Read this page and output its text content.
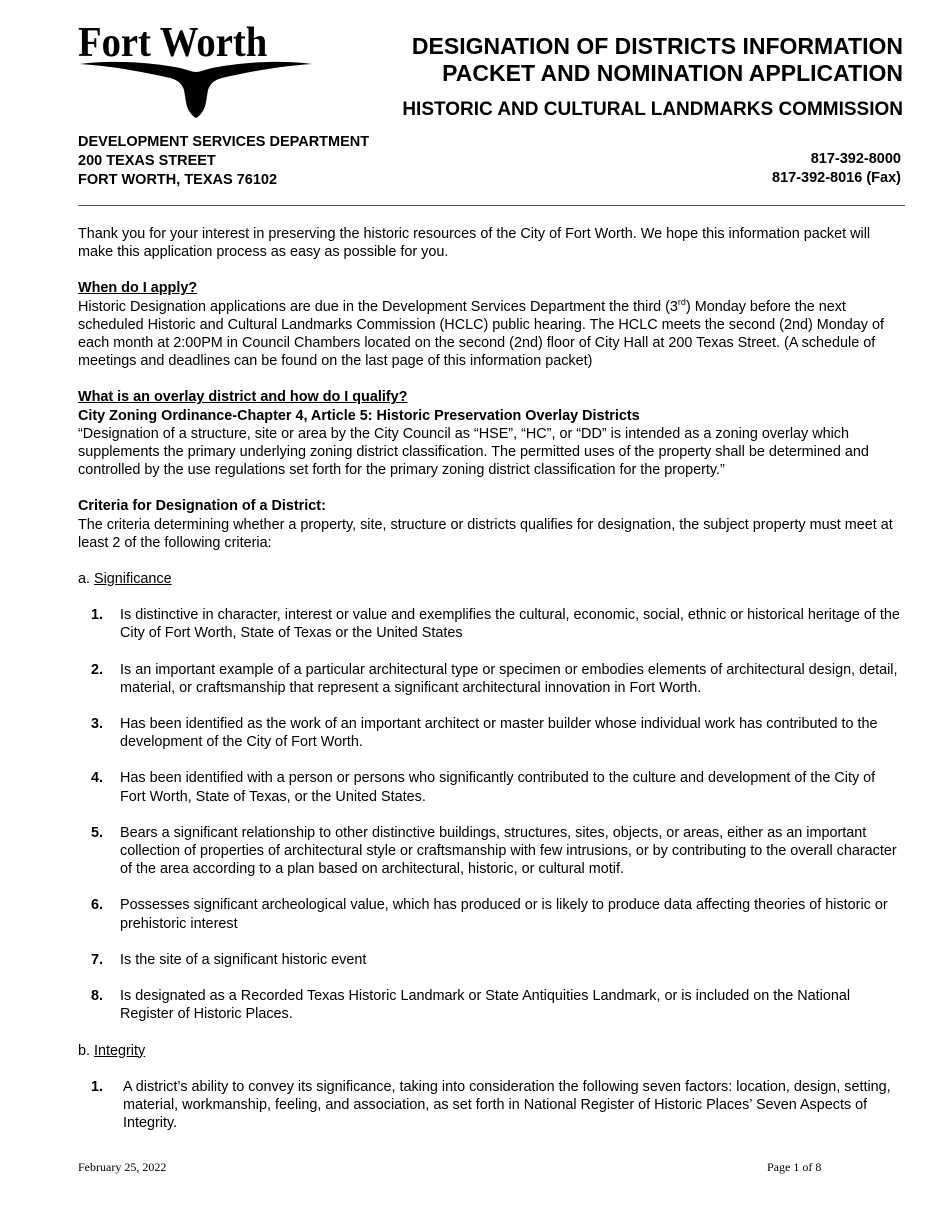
Fort Worth	DESIGNATION OF DISTRICTS INFORMATION
PACKET AND NOMINATION APPLICATION
HISTORIC AND CULTURAL LANDMARKS COMMISSION
DEVELOPMENT SERVICES DEPARTMENT
200 TEXAS STREET
FORT WORTH, TEXAS 76102
817-392-8000
817-392-8016 (Fax)

Thank you for your interest in preserving the historic resources of the City of Fort Worth. We hope this information packet will make this application process as easy as possible for you.

When do I apply?

Historic Designation applications are due in the Development Services Department the third (3rd) Monday before the next scheduled Historic and Cultural Landmarks Commission (HCLC) public hearing. The HCLC meets the second (2nd) Monday of each month at 2:00PM in Council Chambers located on the second (2nd) floor of City Hall at 200 Texas Street. (A schedule of meetings and deadlines can be found on the last page of this information packet)

What is an overlay district and how do I qualify?

City Zoning Ordinance-Chapter 4, Article 5: Historic Preservation Overlay Districts

“Designation of a structure, site or area by the City Council as “HSE”, “HC”, or “DD” is intended as a zoning overlay which supplements the primary underlying zoning district classification. The permitted uses of the property shall be determined and controlled by the use regulations set forth for the primary zoning district classification for the property.”

Criteria for Designation of a District:

The criteria determining whether a property, site, structure or districts qualifies for designation, the subject property must meet at least 2 of the following criteria:

a. Significance

1. Is distinctive in character, interest or value and exemplifies the cultural, economic, social, ethnic or historical heritage of the City of Fort Worth, State of Texas or the United States
2. Is an important example of a particular architectural type or specimen or embodies elements of architectural design, detail, material, or craftsmanship that represent a significant architectural innovation in Fort Worth.
3. Has been identified as the work of an important architect or master builder whose individual work has contributed to the development of the City of Fort Worth.
4. Has been identified with a person or persons who significantly contributed to the culture and development of the City of Fort Worth, State of Texas, or the United States.
5. Bears a significant relationship to other distinctive buildings, structures, sites, objects, or areas, either as an important collection of properties of architectural style or craftsmanship with few intrusions, or by contributing to the overall character of the area according to a plan based on architectural, historic, or cultural motif.
6. Possesses significant archeological value, which has produced or is likely to produce data affecting theories of historic or prehistoric interest
7. Is the site of a significant historic event
8. Is designated as a Recorded Texas Historic Landmark or State Antiquities Landmark, or is included on the National Register of Historic Places.

b. Integrity

1. A district’s ability to convey its significance, taking into consideration the following seven factors: location, design, setting, material, workmanship, feeling, and association, as set forth in National Register of Historic Places’ Seven Aspects of Integrity.
February 25, 2022	Page 1 of 8
